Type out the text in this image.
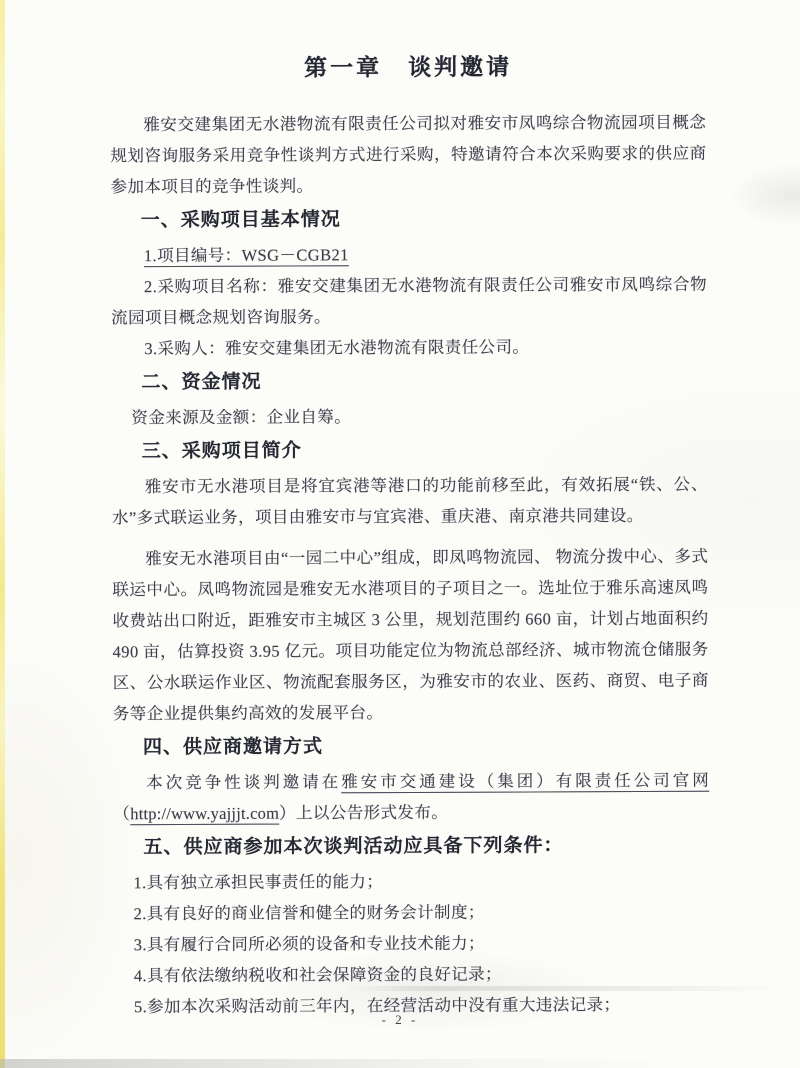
第一章　谈判邀请

雅安交建集团无水港物流有限责任公司拟对雅安市凤鸣综合物流园项目概念规划咨询服务采用竞争性谈判方式进行采购，特邀请符合本次采购要求的供应商参加本项目的竞争性谈判。

一、采购项目基本情况

1.项目编号：WSG－CGB21

2.采购项目名称：雅安交建集团无水港物流有限责任公司雅安市凤鸣综合物流园项目概念规划咨询服务。

3.采购人：雅安交建集团无水港物流有限责任公司。

二、资金情况

资金来源及金额：企业自筹。

三、采购项目简介

雅安市无水港项目是将宜宾港等港口的功能前移至此，有效拓展“铁、公、水”多式联运业务，项目由雅安市与宜宾港、重庆港、南京港共同建设。

雅安无水港项目由“一园二中心”组成，即凤鸣物流园、 物流分拨中心、多式联运中心。凤鸣物流园是雅安无水港项目的子项目之一。选址位于雅乐高速凤鸣收费站出口附近，距雅安市主城区 3 公里，规划范围约 660 亩，计划占地面积约 490 亩，估算投资 3.95 亿元。项目功能定位为物流总部经济、城市物流仓储服务区、公水联运作业区、物流配套服务区，为雅安市的农业、医药、商贸、电子商务等企业提供集约高效的发展平台。

四、供应商邀请方式

本次竞争性谈判邀请在雅安市交通建设（集团）有限责任公司官网（http://www.yajjjt.com）上以公告形式发布。

五、供应商参加本次谈判活动应具备下列条件：

1.具有独立承担民事责任的能力；

2.具有良好的商业信誉和健全的财务会计制度；

3.具有履行合同所必须的设备和专业技术能力；

4.具有依法缴纳税收和社会保障资金的良好记录；

5.参加本次采购活动前三年内，在经营活动中没有重大违法记录；

- 2 -
